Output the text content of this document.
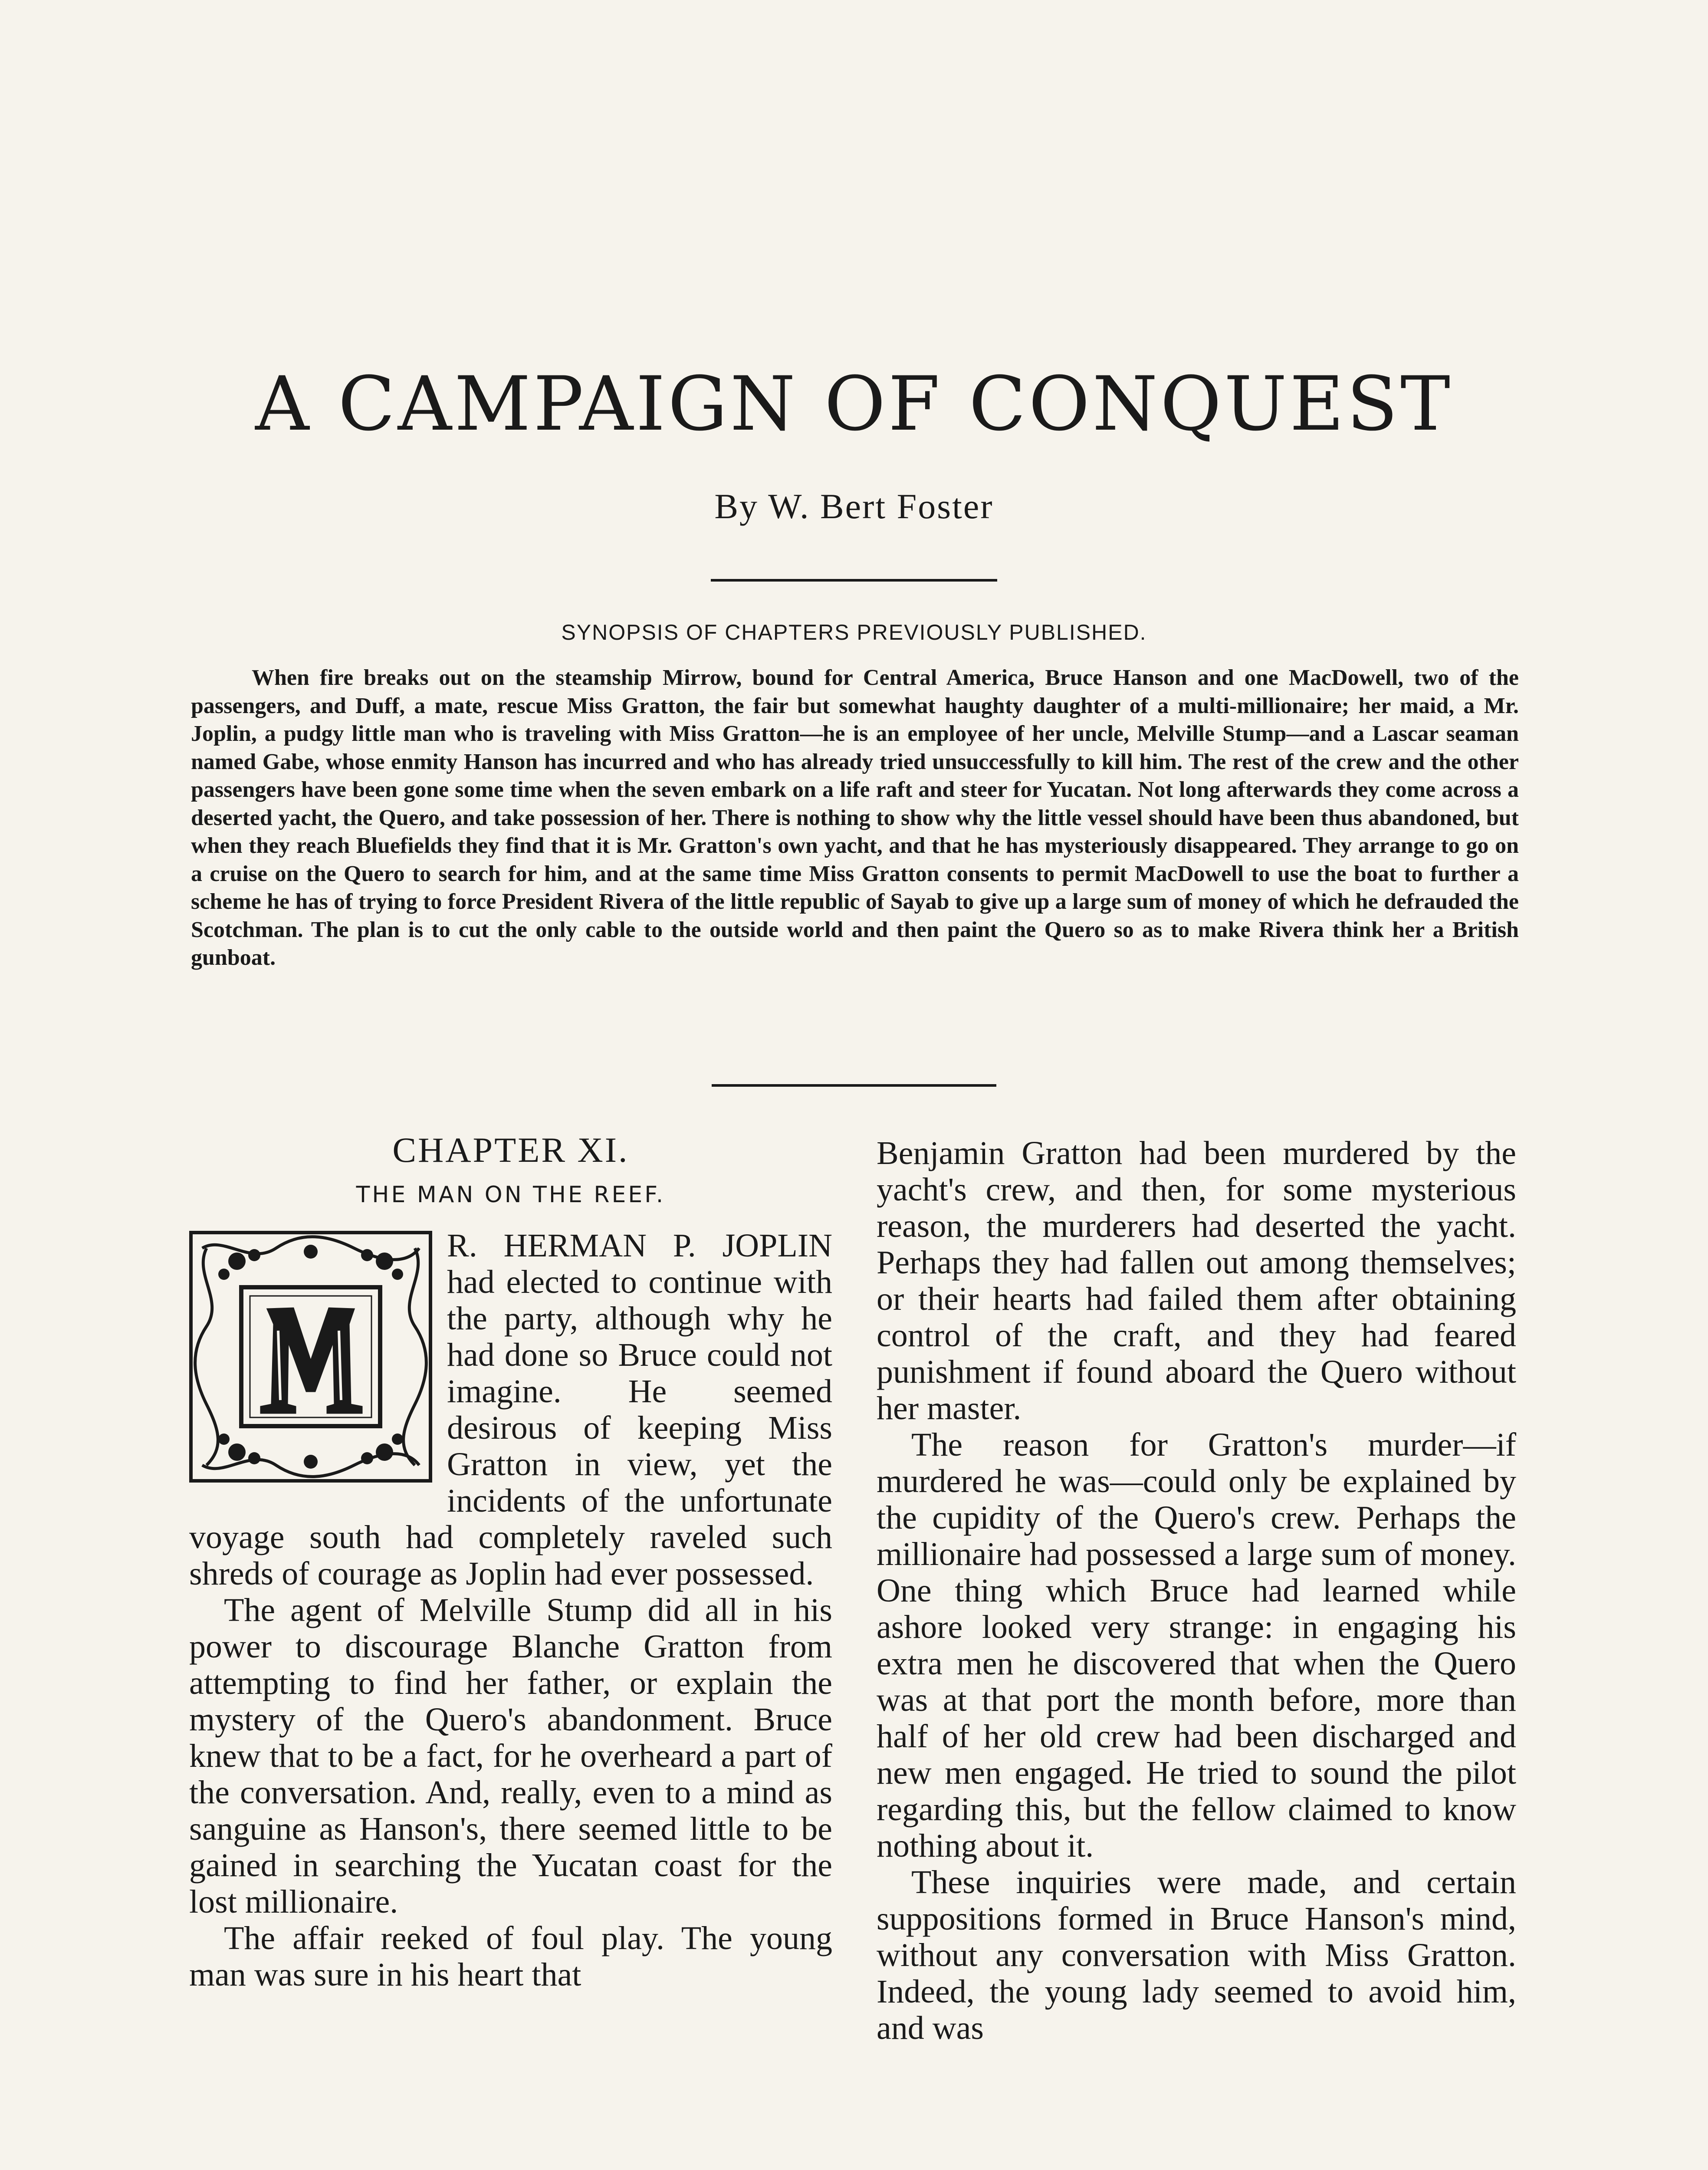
A CAMPAIGN OF CONQUEST
By W. Bert Foster
SYNOPSIS OF CHAPTERS PREVIOUSLY PUBLISHED.

When fire breaks out on the steamship Mirrow, bound for Central America, Bruce Hanson and one MacDowell, two of the passengers, and Duff, a mate, rescue Miss Gratton, the fair but somewhat haughty daughter of a multi-millionaire; her maid, a Mr. Joplin, a pudgy little man who is traveling with Miss Gratton—he is an employee of her uncle, Melville Stump—and a Lascar seaman named Gabe, whose enmity Hanson has incurred and who has already tried unsuccessfully to kill him. The rest of the crew and the other passengers have been gone some time when the seven embark on a life raft and steer for Yucatan. Not long afterwards they come across a deserted yacht, the Quero, and take possession of her. There is nothing to show why the little vessel should have been thus abandoned, but when they reach Bluefields they find that it is Mr. Gratton's own yacht, and that he has mysteriously disappeared. They arrange to go on a cruise on the Quero to search for him, and at the same time Miss Gratton consents to permit MacDowell to use the boat to further a scheme he has of trying to force President Rivera of the little republic of Sayab to give up a large sum of money of which he defrauded the Scotchman. The plan is to cut the only cable to the outside world and then paint the Quero so as to make Rivera think her a British gunboat.

CHAPTER XI.
THE MAN ON THE REEF.

R. HERMAN P. JOPLIN had elected to continue with the party, although why he had done so Bruce could not imagine. He seemed desirous of keeping Miss Gratton in view, yet the incidents of the unfortunate voyage south had completely raveled such shreds of courage as Joplin had ever possessed.

The agent of Melville Stump did all in his power to discourage Blanche Gratton from attempting to find her father, or explain the mystery of the Quero's abandonment. Bruce knew that to be a fact, for he overheard a part of the conversation. And, really, even to a mind as sanguine as Hanson's, there seemed little to be gained in searching the Yucatan coast for the lost millionaire.

The affair reeked of foul play. The young man was sure in his heart that

Benjamin Gratton had been murdered by the yacht's crew, and then, for some mysterious reason, the murderers had deserted the yacht. Perhaps they had fallen out among themselves; or their hearts had failed them after obtaining control of the craft, and they had feared punishment if found aboard the Quero without her master.

The reason for Gratton's murder—if murdered he was—could only be explained by the cupidity of the Quero's crew. Perhaps the millionaire had possessed a large sum of money. One thing which Bruce had learned while ashore looked very strange: in engaging his extra men he discovered that when the Quero was at that port the month before, more than half of her old crew had been discharged and new men engaged. He tried to sound the pilot regarding this, but the fellow claimed to know nothing about it.

These inquiries were made, and certain suppositions formed in Bruce Hanson's mind, without any conversation with Miss Gratton. Indeed, the young lady seemed to avoid him, and was
